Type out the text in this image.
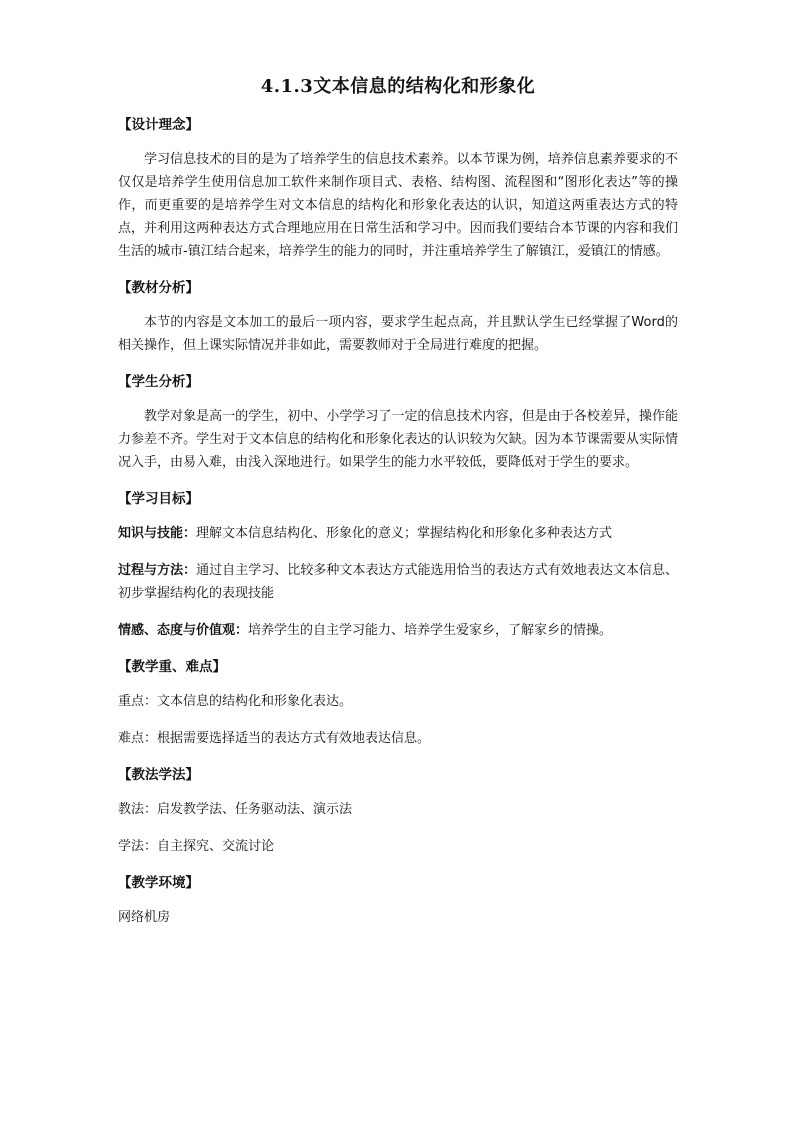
4.1.3文本信息的结构化和形象化
【设计理念】

学习信息技术的目的是为了培养学生的信息技术素养。以本节课为例，培养信息素养要求的不仅仅是培养学生使用信息加工软件来制作项目式、表格、结构图、流程图和“图形化表达”等的操作，而更重要的是培养学生对文本信息的结构化和形象化表达的认识，知道这两重表达方式的特点，并利用这两种表达方式合理地应用在日常生活和学习中。因而我们要结合本节课的内容和我们生活的城市-镇江结合起来，培养学生的能力的同时，并注重培养学生了解镇江，爱镇江的情感。

【教材分析】

本节的内容是文本加工的最后一项内容，要求学生起点高，并且默认学生已经掌握了Word的相关操作，但上课实际情况并非如此，需要教师对于全局进行难度的把握。

【学生分析】

教学对象是高一的学生，初中、小学学习了一定的信息技术内容，但是由于各校差异，操作能力参差不齐。学生对于文本信息的结构化和形象化表达的认识较为欠缺。因为本节课需要从实际情况入手，由易入难，由浅入深地进行。如果学生的能力水平较低，要降低对于学生的要求。

【学习目标】

知识与技能：理解文本信息结构化、形象化的意义；掌握结构化和形象化多种表达方式

过程与方法：通过自主学习、比较多种文本表达方式能选用恰当的表达方式有效地表达文本信息、初步掌握结构化的表现技能

情感、态度与价值观：培养学生的自主学习能力、培养学生爱家乡，了解家乡的情操。

【教学重、难点】

重点：文本信息的结构化和形象化表达。

难点：根据需要选择适当的表达方式有效地表达信息。

【教法学法】

教法：启发教学法、任务驱动法、演示法

学法：自主探究、交流讨论

【教学环境】

网络机房
